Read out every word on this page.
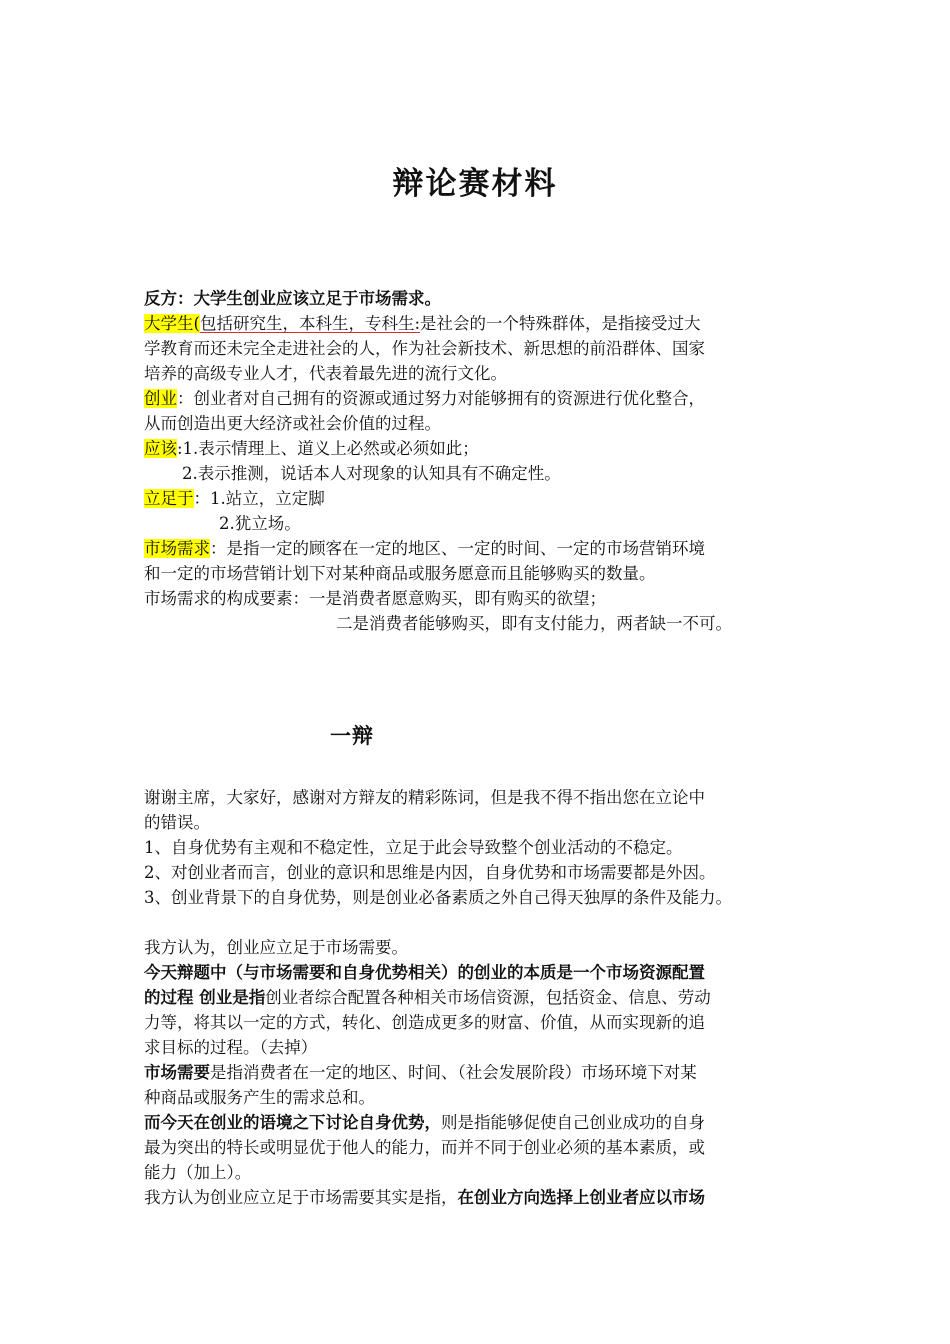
辩论赛材料
反方：大学生创业应该立足于市场需求。
大学生(包括研究生，本科生，专科生:是社会的一个特殊群体，是指接受过大
学教育而还未完全走进社会的人，作为社会新技术、新思想的前沿群体、国家
培养的高级专业人才，代表着最先进的流行文化。
创业：创业者对自己拥有的资源或通过努力对能够拥有的资源进行优化整合，
从而创造出更大经济或社会价值的过程。
应该:1.表示情理上、道义上必然或必须如此；
2.表示推测，说话本人对现象的认知具有不确定性。
立足于：1.站立，立定脚
2.犹立场。
市场需求：是指一定的顾客在一定的地区、一定的时间、一定的市场营销环境
和一定的市场营销计划下对某种商品或服务愿意而且能够购买的数量。
市场需求的构成要素：一是消费者愿意购买，即有购买的欲望；
二是消费者能够购买，即有支付能力，两者缺一不可。
一辩
谢谢主席，大家好，感谢对方辩友的精彩陈词，但是我不得不指出您在立论中
的错误。
1、自身优势有主观和不稳定性，立足于此会导致整个创业活动的不稳定。
2、对创业者而言，创业的意识和思维是内因，自身优势和市场需要都是外因。
3、创业背景下的自身优势，则是创业必备素质之外自己得天独厚的条件及能力。
我方认为，创业应立足于市场需要。
今天辩题中（与市场需要和自身优势相关）的创业的本质是一个市场资源配置
的过程 创业是指创业者综合配置各种相关市场信资源，包括资金、信息、劳动
力等，将其以一定的方式，转化、创造成更多的财富、价值，从而实现新的追
求目标的过程。（去掉）
市场需要是指消费者在一定的地区、时间、（社会发展阶段）市场环境下对某
种商品或服务产生的需求总和。
而今天在创业的语境之下讨论自身优势，则是指能够促使自己创业成功的自身
最为突出的特长或明显优于他人的能力，而并不同于创业必须的基本素质，或
能力（加上）。
我方认为创业应立足于市场需要其实是指，在创业方向选择上创业者应以市场
